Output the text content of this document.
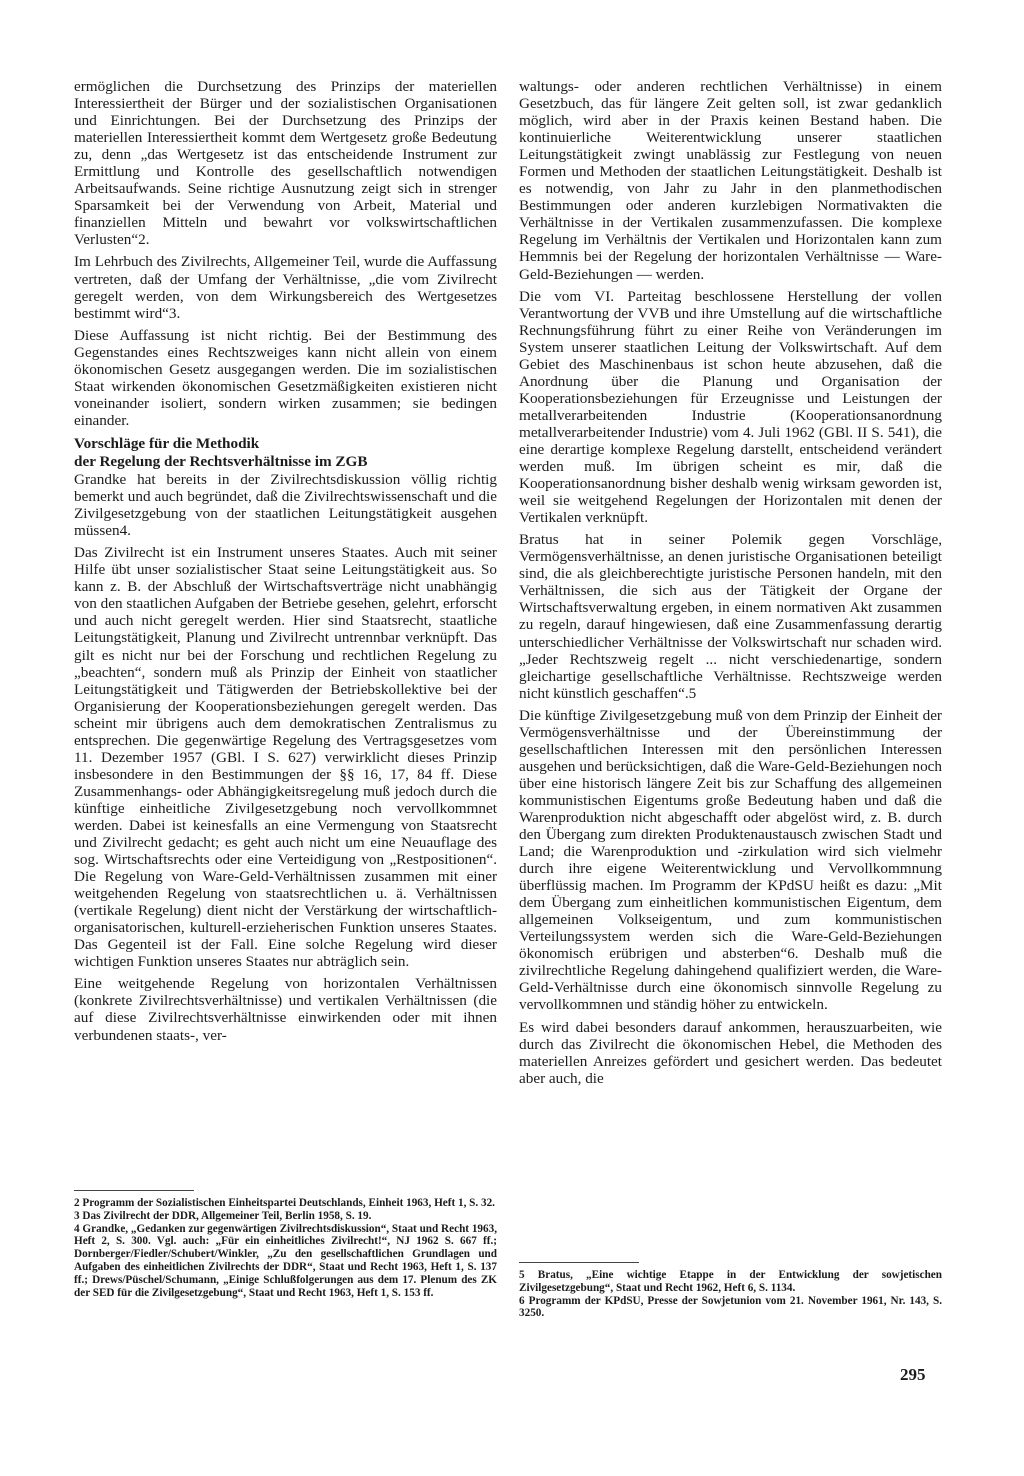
ermöglichen die Durchsetzung des Prinzips der materiellen Interessiertheit der Bürger und der sozialistischen Organisationen und Einrichtungen. Bei der Durchsetzung des Prinzips der materiellen Interessiertheit kommt dem Wertgesetz große Bedeutung zu, denn „das Wertgesetz ist das entscheidende Instrument zur Ermittlung und Kontrolle des gesellschaftlich notwendigen Arbeitsaufwands. Seine richtige Ausnutzung zeigt sich in strenger Sparsamkeit bei der Verwendung von Arbeit, Material und finanziellen Mitteln und bewahrt vor volkswirtschaftlichen Verlusten“2.

Im Lehrbuch des Zivilrechts, Allgemeiner Teil, wurde die Auffassung vertreten, daß der Umfang der Verhältnisse, „die vom Zivilrecht geregelt werden, von dem Wirkungsbereich des Wertgesetzes bestimmt wird“3.

Diese Auffassung ist nicht richtig. Bei der Bestimmung des Gegenstandes eines Rechtszweiges kann nicht allein von einem ökonomischen Gesetz ausgegangen werden. Die im sozialistischen Staat wirkenden ökonomischen Gesetzmäßigkeiten existieren nicht voneinander isoliert, sondern wirken zusammen; sie bedingen einander.

Vorschläge für die Methodik
der Regelung der Rechtsverhältnisse im ZGB

Grandke hat bereits in der Zivilrechtsdiskussion völlig richtig bemerkt und auch begründet, daß die Zivilrechtswissenschaft und die Zivilgesetzgebung von der staatlichen Leitungstätigkeit ausgehen müssen4.

Das Zivilrecht ist ein Instrument unseres Staates. Auch mit seiner Hilfe übt unser sozialistischer Staat seine Leitungstätigkeit aus. So kann z. B. der Abschluß der Wirtschaftsverträge nicht unabhängig von den staatlichen Aufgaben der Betriebe gesehen, gelehrt, erforscht und auch nicht geregelt werden. Hier sind Staatsrecht, staatliche Leitungstätigkeit, Planung und Zivilrecht untrennbar verknüpft. Das gilt es nicht nur bei der Forschung und rechtlichen Regelung zu „beachten“, sondern muß als Prinzip der Einheit von staatlicher Leitungstätigkeit und Tätigwerden der Betriebskollektive bei der Organisierung der Kooperationsbeziehungen geregelt werden. Das scheint mir übrigens auch dem demokratischen Zentralismus zu entsprechen. Die gegenwärtige Regelung des Vertragsgesetzes vom 11. Dezember 1957 (GBl. I S. 627) verwirklicht dieses Prinzip insbesondere in den Bestimmungen der §§ 16, 17, 84 ff. Diese Zusammenhangs- oder Abhängigkeitsregelung muß jedoch durch die künftige einheitliche Zivilgesetzgebung noch vervollkommnet werden. Dabei ist keinesfalls an eine Vermengung von Staatsrecht und Zivilrecht gedacht; es geht auch nicht um eine Neuauflage des sog. Wirtschaftsrechts oder eine Verteidigung von „Restpositionen“. Die Regelung von Ware-Geld-Verhältnissen zusammen mit einer weitgehenden Regelung von staatsrechtlichen u. ä. Verhältnissen (vertikale Regelung) dient nicht der Verstärkung der wirtschaftlich-organisatorischen, kulturell-erzieherischen Funktion unseres Staates. Das Gegenteil ist der Fall. Eine solche Regelung wird dieser wichtigen Funktion unseres Staates nur abträglich sein.

Eine weitgehende Regelung von horizontalen Verhältnissen (konkrete Zivilrechtsverhältnisse) und vertikalen Verhältnissen (die auf diese Zivilrechtsverhältnisse einwirkenden oder mit ihnen verbundenen staats-, ver-

waltungs- oder anderen rechtlichen Verhältnisse) in einem Gesetzbuch, das für längere Zeit gelten soll, ist zwar gedanklich möglich, wird aber in der Praxis keinen Bestand haben. Die kontinuierliche Weiterentwicklung unserer staatlichen Leitungstätigkeit zwingt unablässig zur Festlegung von neuen Formen und Methoden der staatlichen Leitungstätigkeit. Deshalb ist es notwendig, von Jahr zu Jahr in den planmethodischen Bestimmungen oder anderen kurzlebigen Normativakten die Verhältnisse in der Vertikalen zusammenzufassen. Die komplexe Regelung im Verhältnis der Vertikalen und Horizontalen kann zum Hemmnis bei der Regelung der horizontalen Verhältnisse — Ware-Geld-Beziehungen — werden.

Die vom VI. Parteitag beschlossene Herstellung der vollen Verantwortung der VVB und ihre Umstellung auf die wirtschaftliche Rechnungsführung führt zu einer Reihe von Veränderungen im System unserer staatlichen Leitung der Volkswirtschaft. Auf dem Gebiet des Maschinenbaus ist schon heute abzusehen, daß die Anordnung über die Planung und Organisation der Kooperationsbeziehungen für Erzeugnisse und Leistungen der metallverarbeitenden Industrie (Kooperationsanordnung metallverarbeitender Industrie) vom 4. Juli 1962 (GBl. II S. 541), die eine derartige komplexe Regelung darstellt, entscheidend verändert werden muß. Im übrigen scheint es mir, daß die Kooperationsanordnung bisher deshalb wenig wirksam geworden ist, weil sie weitgehend Regelungen der Horizontalen mit denen der Vertikalen verknüpft.

Bratus hat in seiner Polemik gegen Vorschläge, Vermögensverhältnisse, an denen juristische Organisationen beteiligt sind, die als gleichberechtigte juristische Personen handeln, mit den Verhältnissen, die sich aus der Tätigkeit der Organe der Wirtschaftsverwaltung ergeben, in einem normativen Akt zusammen zu regeln, darauf hingewiesen, daß eine Zusammenfassung derartig unterschiedlicher Verhältnisse der Volkswirtschaft nur schaden wird. „Jeder Rechtszweig regelt ... nicht verschiedenartige, sondern gleichartige gesellschaftliche Verhältnisse. Rechtszweige werden nicht künstlich geschaffen“.5

Die künftige Zivilgesetzgebung muß von dem Prinzip der Einheit der Vermögensverhältnisse und der Übereinstimmung der gesellschaftlichen Interessen mit den persönlichen Interessen ausgehen und berücksichtigen, daß die Ware-Geld-Beziehungen noch über eine historisch längere Zeit bis zur Schaffung des allgemeinen kommunistischen Eigentums große Bedeutung haben und daß die Warenproduktion nicht abgeschafft oder abgelöst wird, z. B. durch den Übergang zum direkten Produktenaustausch zwischen Stadt und Land; die Warenproduktion und -zirkulation wird sich vielmehr durch ihre eigene Weiterentwicklung und Vervollkommnung überflüssig machen. Im Programm der KPdSU heißt es dazu: „Mit dem Übergang zum einheitlichen kommunistischen Eigentum, dem allgemeinen Volkseigentum, und zum kommunistischen Verteilungssystem werden sich die Ware-Geld-Beziehungen ökonomisch erübrigen und absterben“6. Deshalb muß die zivilrechtliche Regelung dahingehend qualifiziert werden, die Ware-Geld-Verhältnisse durch eine ökonomisch sinnvolle Regelung zu vervollkommnen und ständig höher zu entwickeln.

Es wird dabei besonders darauf ankommen, herauszuarbeiten, wie durch das Zivilrecht die ökonomischen Hebel, die Methoden des materiellen Anreizes gefördert und gesichert werden. Das bedeutet aber auch, die

2 Programm der Sozialistischen Einheitspartei Deutschlands, Einheit 1963, Heft 1, S. 32.

3 Das Zivilrecht der DDR, Allgemeiner Teil, Berlin 1958, S. 19.

4 Grandke, „Gedanken zur gegenwärtigen Zivilrechtsdiskussion“, Staat und Recht 1963, Heft 2, S. 300. Vgl. auch: „Für ein einheitliches Zivilrecht!“, NJ 1962 S. 667 ff.; Dornberger/Fiedler/Schubert/Winkler, „Zu den gesellschaftlichen Grundlagen und Aufgaben des einheitlichen Zivilrechts der DDR“, Staat und Recht 1963, Heft 1, S. 137 ff.; Drews/Püschel/Schumann, „Einige Schlußfolgerungen aus dem 17. Plenum des ZK der SED für die Zivilgesetzgebung“, Staat und Recht 1963, Heft 1, S. 153 ff.

5 Bratus, „Eine wichtige Etappe in der Entwicklung der sowjetischen Zivilgesetzgebung“, Staat und Recht 1962, Heft 6, S. 1134.

6 Programm der KPdSU, Presse der Sowjetunion vom 21. November 1961, Nr. 143, S. 3250.

295
